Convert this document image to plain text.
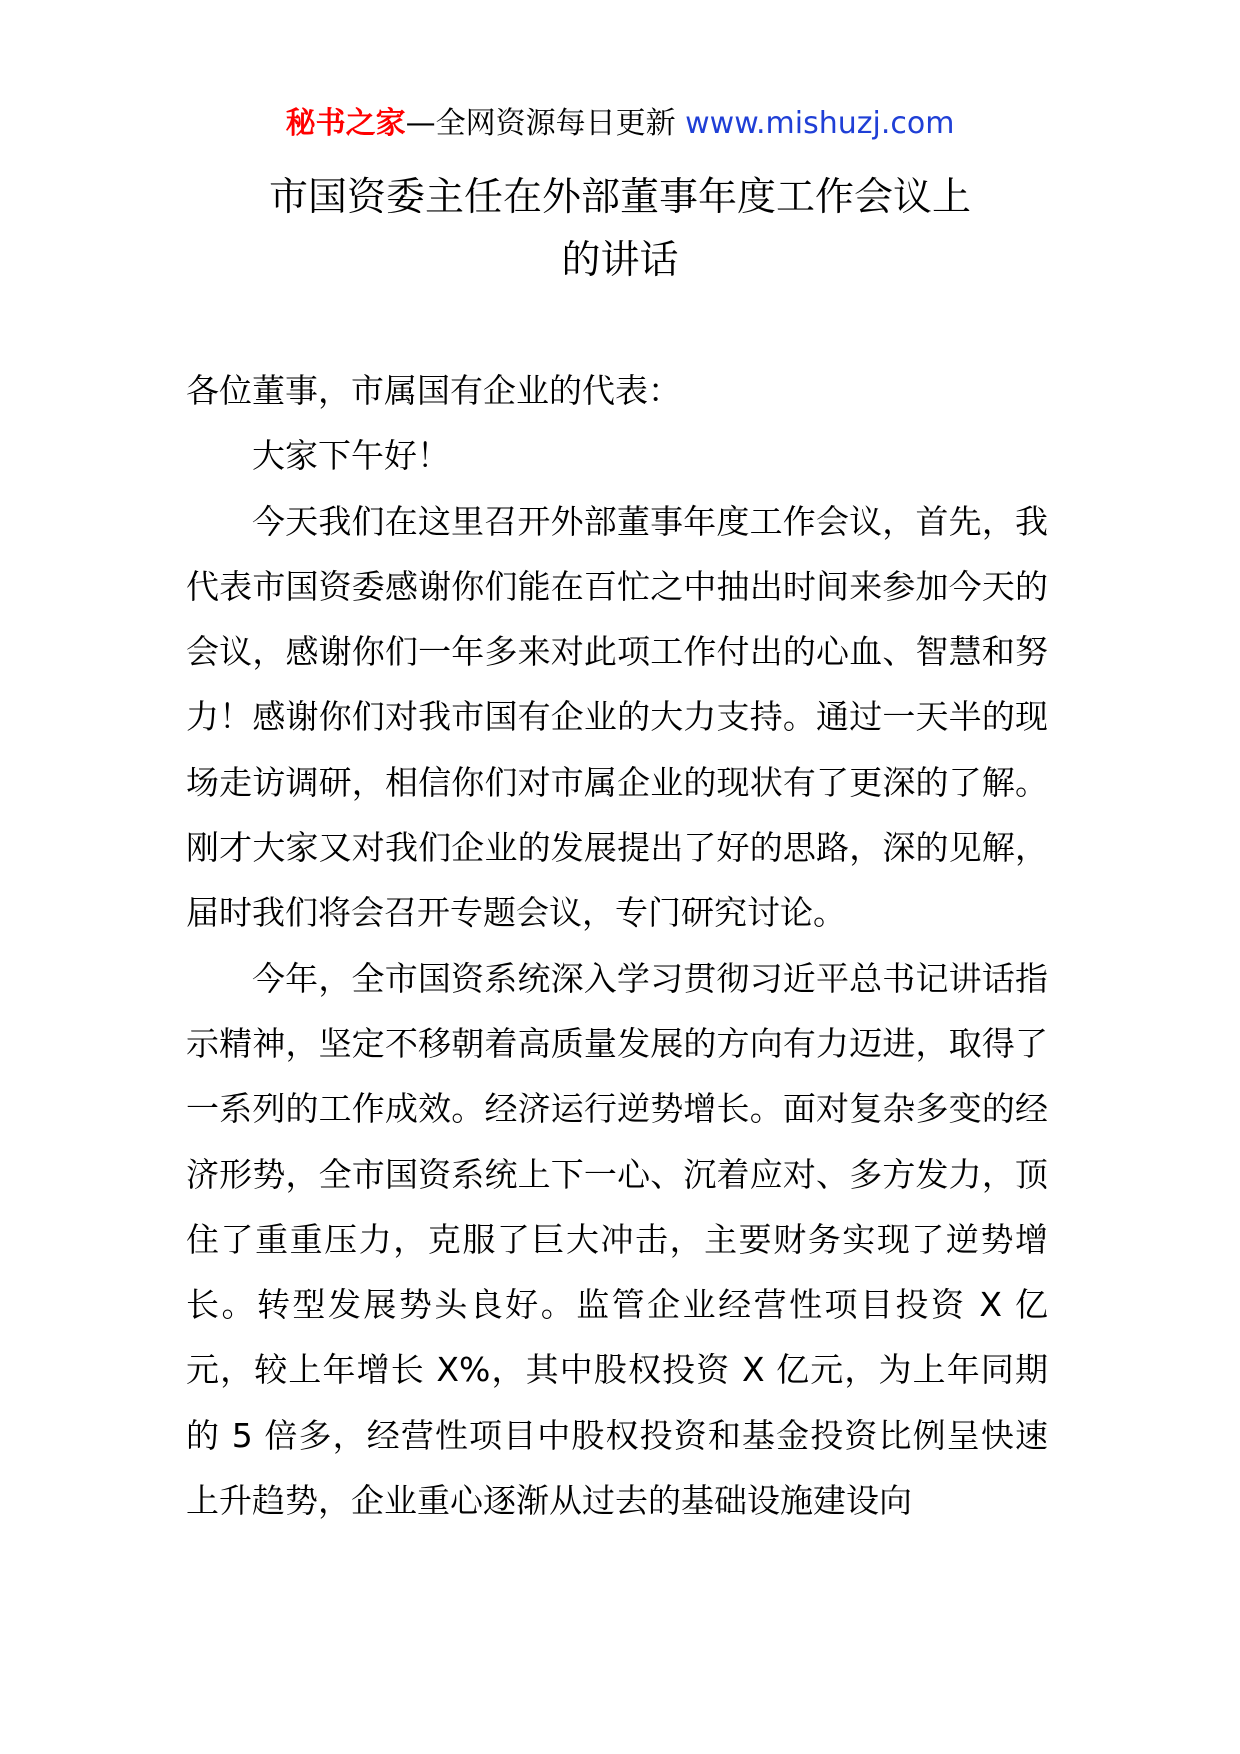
秘书之家—全网资源每日更新 www.mishuzj.com
市国资委主任在外部董事年度工作会议上
的讲话

各位董事，市属国有企业的代表：

大家下午好！

今天我们在这里召开外部董事年度工作会议，首先，我代表市国资委感谢你们能在百忙之中抽出时间来参加今天的会议，感谢你们一年多来对此项工作付出的心血、智慧和努力！感谢你们对我市国有企业的大力支持。通过一天半的现场走访调研，相信你们对市属企业的现状有了更深的了解。刚才大家又对我们企业的发展提出了好的思路，深的见解，届时我们将会召开专题会议，专门研究讨论。

今年，全市国资系统深入学习贯彻习近平总书记讲话指示精神，坚定不移朝着高质量发展的方向有力迈进，取得了一系列的工作成效。经济运行逆势增长。面对复杂多变的经济形势，全市国资系统上下一心、沉着应对、多方发力，顶住了重重压力，克服了巨大冲击，主要财务实现了逆势增长。转型发展势头良好。监管企业经营性项目投资 X 亿元，较上年增长 X%，其中股权投资 X 亿元，为上年同期的 5 倍多，经营性项目中股权投资和基金投资比例呈快速上升趋势，企业重心逐渐从过去的基础设施建设向
